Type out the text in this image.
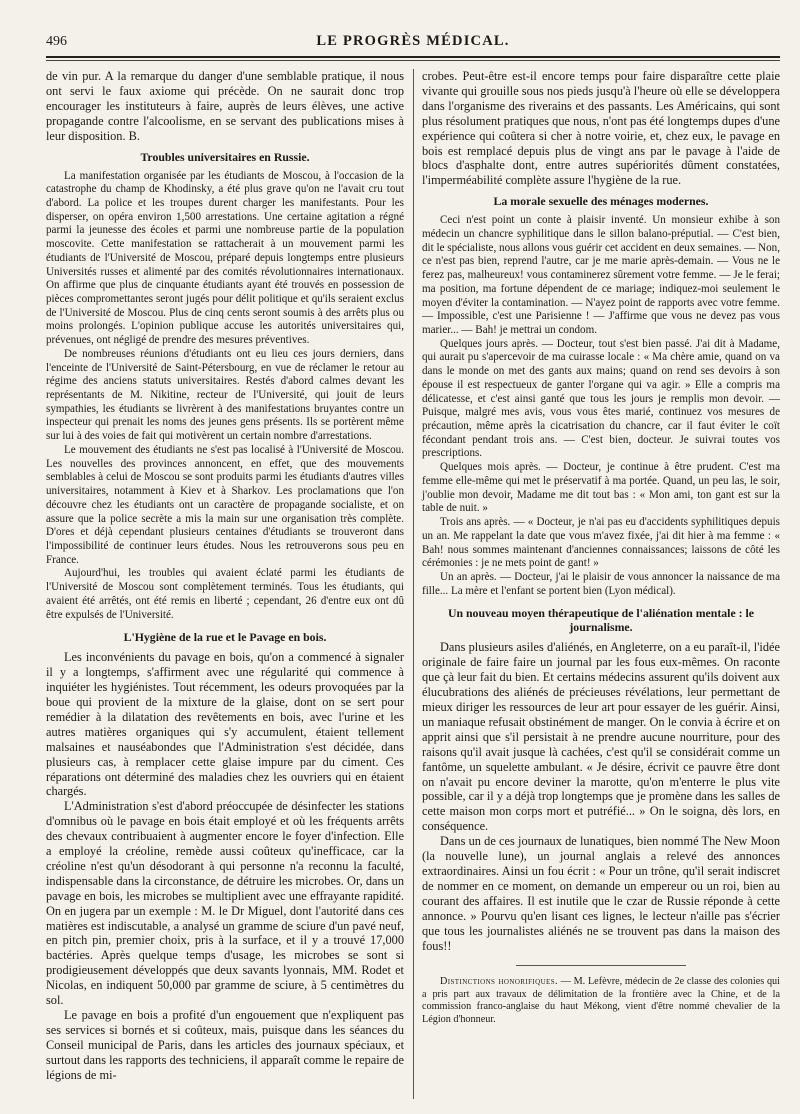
496	LE PROGRÈS MÉDICAL.

de vin pur. A la remarque du danger d'une semblable pratique, il nous ont servi le faux axiome qui précède. On ne saurait donc trop encourager les instituteurs à faire, auprès de leurs élèves, une active propagande contre l'alcoolisme, en se servant des publications mises à leur disposition. B.

Troubles universitaires en Russie.

La manifestation organisée par les étudiants de Moscou, à l'occasion de la catastrophe du champ de Khodinsky, a été plus grave qu'on ne l'avait cru tout d'abord. La police et les troupes durent charger les manifestants. Pour les disperser, on opéra environ 1,500 arrestations. Une certaine agitation a régné parmi la jeunesse des écoles et parmi une nombreuse partie de la population moscovite. Cette manifestation se rattacherait à un mouvement parmi les étudiants de l'Université de Moscou, préparé depuis longtemps entre plusieurs Universités russes et alimenté par des comités révolutionnaires internationaux. On affirme que plus de cinquante étudiants ayant été trouvés en possession de pièces compromettantes seront jugés pour délit politique et qu'ils seraient exclus de l'Université de Moscou. Plus de cinq cents seront soumis à des arrêts plus ou moins prolongés. L'opinion publique accuse les autorités universitaires qui, prévenues, ont négligé de prendre des mesures préventives.

De nombreuses réunions d'étudiants ont eu lieu ces jours derniers, dans l'enceinte de l'Université de Saint-Pétersbourg, en vue de réclamer le retour au régime des anciens statuts universitaires. Restés d'abord calmes devant les représentants de M. Nikitine, recteur de l'Université, qui jouit de leurs sympathies, les étudiants se livrèrent à des manifestations bruyantes contre un inspecteur qui prenait les noms des jeunes gens présents. Ils se portèrent même sur lui à des voies de fait qui motivèrent un certain nombre d'arrestations.

Le mouvement des étudiants ne s'est pas localisé à l'Université de Moscou. Les nouvelles des provinces annoncent, en effet, que des mouvements semblables à celui de Moscou se sont produits parmi les étudiants d'autres villes universitaires, notamment à Kiev et à Sharkov. Les proclamations que l'on découvre chez les étudiants ont un caractère de propagande socialiste, et on assure que la police secrète a mis la main sur une organisation très complète. D'ores et déjà cependant plusieurs centaines d'étudiants se trouveront dans l'impossibilité de continuer leurs études. Nous les retrouverons sous peu en France.

Aujourd'hui, les troubles qui avaient éclaté parmi les étudiants de l'Université de Moscou sont complètement terminés. Tous les étudiants, qui avaient été arrêtés, ont été remis en liberté ; cependant, 26 d'entre eux ont dû être expulsés de l'Université.

L'Hygiène de la rue et le Pavage en bois.

Les inconvénients du pavage en bois, qu'on a commencé à signaler il y a longtemps, s'affirment avec une régularité qui commence à inquiéter les hygiénistes. Tout récemment, les odeurs provoquées par la boue qui provient de la mixture de la glaise, dont on se sert pour remédier à la dilatation des revêtements en bois, avec l'urine et les autres matières organiques qui s'y accumulent, étaient tellement malsaines et nauséabondes que l'Administration s'est décidée, dans plusieurs cas, à remplacer cette glaise impure par du ciment. Ces réparations ont déterminé des maladies chez les ouvriers qui en étaient chargés.

L'Administration s'est d'abord préoccupée de désinfecter les stations d'omnibus où le pavage en bois était employé et où les fréquents arrêts des chevaux contribuaient à augmenter encore le foyer d'infection. Elle a employé la créoline, remède aussi coûteux qu'inefficace, car la créoline n'est qu'un désodorant à qui personne n'a reconnu la faculté, indispensable dans la circonstance, de détruire les microbes. Or, dans un pavage en bois, les microbes se multiplient avec une effrayante rapidité. On en jugera par un exemple : M. le Dr Miguel, dont l'autorité dans ces matières est indiscutable, a analysé un gramme de sciure d'un pavé neuf, en pitch pin, premier choix, pris à la surface, et il y a trouvé 17,000 bactéries. Après quelque temps d'usage, les microbes se sont si prodigieusement développés que deux savants lyonnais, MM. Rodet et Nicolas, en indiquent 50,000 par gramme de sciure, à 5 centimètres du sol.

Le pavage en bois a profité d'un engouement que n'expliquent pas ses services si bornés et si coûteux, mais, puisque dans les séances du Conseil municipal de Paris, dans les articles des journaux spéciaux, et surtout dans les rapports des techniciens, il apparaît comme le repaire de légions de mi-

crobes. Peut-être est-il encore temps pour faire disparaître cette plaie vivante qui grouille sous nos pieds jusqu'à l'heure où elle se développera dans l'organisme des riverains et des passants. Les Américains, qui sont plus résolument pratiques que nous, n'ont pas été longtemps dupes d'une expérience qui coûtera si cher à notre voirie, et, chez eux, le pavage en bois est remplacé depuis plus de vingt ans par le pavage à l'aide de blocs d'asphalte dont, entre autres supériorités dûment constatées, l'imperméabilité complète assure l'hygiène de la rue.

La morale sexuelle des ménages modernes.

Ceci n'est point un conte à plaisir inventé. Un monsieur exhibe à son médecin un chancre syphilitique dans le sillon balano-préputial. — C'est bien, dit le spécialiste, nous allons vous guérir cet accident en deux semaines. — Non, ce n'est pas bien, reprend l'autre, car je me marie après-demain. — Vous ne le ferez pas, malheureux! vous contaminerez sûrement votre femme. — Je le ferai; ma position, ma fortune dépendent de ce mariage; indiquez-moi seulement le moyen d'éviter la contamination. — N'ayez point de rapports avec votre femme. — Impossible, c'est une Parisienne ! — J'affirme que vous ne devez pas vous marier... — Bah! je mettrai un condom.

Quelques jours après. — Docteur, tout s'est bien passé. J'ai dit à Madame, qui aurait pu s'apercevoir de ma cuirasse locale : « Ma chère amie, quand on va dans le monde on met des gants aux mains; quand on rend ses devoirs à son épouse il est respectueux de ganter l'organe qui va agir. » Elle a compris ma délicatesse, et c'est ainsi ganté que tous les jours je remplis mon devoir. — Puisque, malgré mes avis, vous vous êtes marié, continuez vos mesures de précaution, même après la cicatrisation du chancre, car il faut éviter le coït fécondant pendant trois ans. — C'est bien, docteur. Je suivrai toutes vos prescriptions.

Quelques mois après. — Docteur, je continue à être prudent. C'est ma femme elle-même qui met le préservatif à ma portée. Quand, un peu las, le soir, j'oublie mon devoir, Madame me dit tout bas : « Mon ami, ton gant est sur la table de nuit. »

Trois ans après. — « Docteur, je n'ai pas eu d'accidents syphilitiques depuis un an. Me rappelant la date que vous m'avez fixée, j'ai dit hier à ma femme : « Bah! nous sommes maintenant d'anciennes connaissances; laissons de côté les cérémonies : je ne mets point de gant! »

Un an après. — Docteur, j'ai le plaisir de vous annoncer la naissance de ma fille... La mère et l'enfant se portent bien (Lyon médical).

Un nouveau moyen thérapeutique de l'aliénation mentale : le journalisme.

Dans plusieurs asiles d'aliénés, en Angleterre, on a eu paraît-il, l'idée originale de faire faire un journal par les fous eux-mêmes. On raconte que çà leur fait du bien. Et certains médecins assurent qu'ils doivent aux élucubrations des aliénés de précieuses révélations, leur permettant de mieux diriger les ressources de leur art pour essayer de les guérir. Ainsi, un maniaque refusait obstinément de manger. On le convia à écrire et on apprit ainsi que s'il persistait à ne prendre aucune nourriture, pour des raisons qu'il avait jusque là cachées, c'est qu'il se considérait comme un fantôme, un squelette ambulant. « Je désire, écrivit ce pauvre être dont on n'avait pu encore deviner la marotte, qu'on m'enterre le plus vite possible, car il y a déjà trop longtemps que je promène dans les salles de cette maison mon corps mort et putréfié... » On le soigna, dès lors, en conséquence.

Dans un de ces journaux de lunatiques, bien nommé The New Moon (la nouvelle lune), un journal anglais a relevé des annonces extraordinaires. Ainsi un fou écrit : « Pour un trône, qu'il serait indiscret de nommer en ce moment, on demande un empereur ou un roi, bien au courant des affaires. Il est inutile que le czar de Russie réponde à cette annonce. » Pourvu qu'en lisant ces lignes, le lecteur n'aille pas s'écrier que tous les journalistes aliénés ne se trouvent pas dans la maison des fous!!

Distinctions honorifiques. — M. Lefèvre, médecin de 2e classe des colonies qui a pris part aux travaux de délimitation de la frontière avec la Chine, et de la commission franco-anglaise du haut Mékong, vient d'être nommé chevalier de la Légion d'honneur.
